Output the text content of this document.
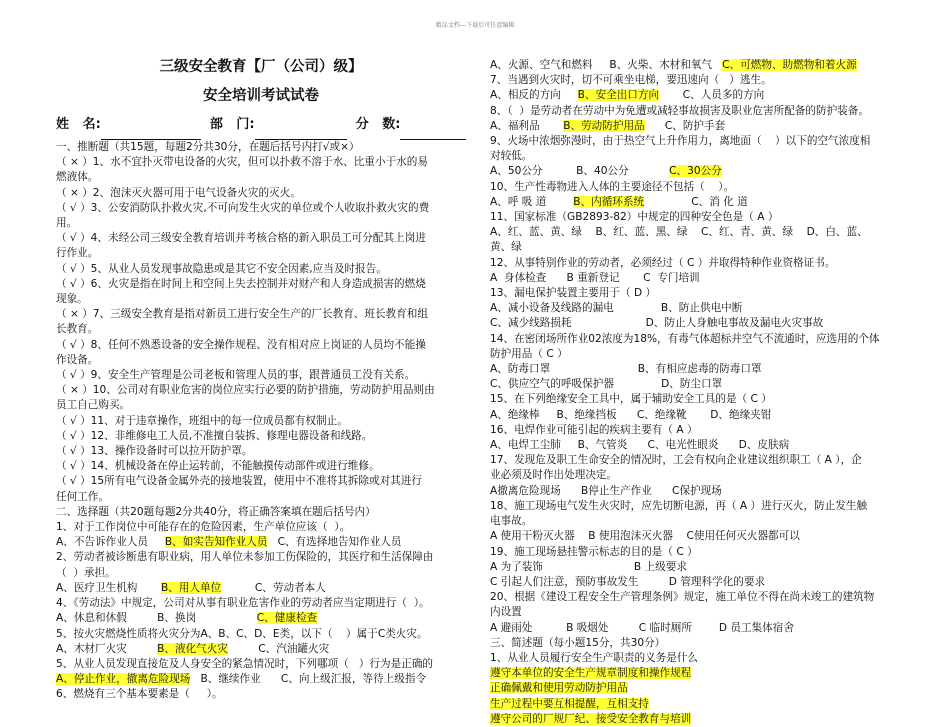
精品文档---下载后可任意编辑
三级安全教育【厂（公司）级】
安全培训考试试卷
姓   名:	部   门:	分   数:
一、推断题（共15题，每题2分共30分，在题后括号内打√或×）
（ × ）1、水不宜扑灭带电设备的火灾，但可以扑救不溶于水、比重小于水的易
燃液体。
（ × ）2、泡沫灭火器可用于电气设备火灾的灭火。
（ √ ）3、公安消防队扑救火灾,不可向发生火灾的单位或个人收取扑救火灾的费
用。
（ √ ）4、未经公司三级安全教育培训并考核合格的新入职员工可分配其上岗进
行作业。
（ √ ）5、从业人员发现事故隐患或是其它不安全因素,应当及时报告。
（ √ ）6、火灾是指在时间上和空间上失去控制并对财产和人身造成损害的燃烧
现象。
（ × ）7、三级安全教育是指对新员工进行安全生产的厂长教育、班长教育和组
长教育。
（ √ ）8、任何不熟悉设备的安全操作规程、没有相对应上岗证的人员均不能操
作设备。
（ √ ）9、安全生产管理是公司老板和管理人员的事，跟普通员工没有关系。
（ × ）10、公司对有职业危害的岗位应实行必要的防护措施，劳动防护用品则由
员工自己购买。
（ √ ）11、对于违章操作，班组中的每一位成员都有权制止。
（ √ ）12、非维修电工人员,不准擅自装拆、修理电器设备和线路。
（ √ ）13、操作设备时可以拉开防护罩。
（ √ ）14、机械设备在停止运转前，不能触摸传动部件或进行维修。
（ √ ）15所有电气设备金属外壳的接地装置，使用中不准将其拆除或对其进行
任何工作。
二、选择题（共20题每题2分共40分，将正确答案填在题后括号内）
1、对于工作岗位中可能存在的危险因素，生产单位应该（  ）。
A、不告诉作业人员     B、如实告知作业人员   C、有选择地告知作业人员
2、劳动者被诊断患有职业病，用人单位未参加工伤保险的，其医疗和生活保障由
（  ）承担。
A、医疗卫生机构       B、用人单位          C、劳动者本人
4、《劳动法》中规定，公司对从事有职业危害作业的劳动者应当定期进行（  ）。
A、休息和休假         B、换岗                  C、健康检查
5、按火灾燃烧性质将火灾分为A、B、C、D、E类，以下（    ）属于C类火灾。
A、木材厂火灾         B、液化气火灾         C、汽油罐火灾
5、从业人员发现直接危及人身安全的紧急情况时，下列哪项（   ）行为是正确的
A、停止作业，撤离危险现场   B、继续作业      C、向上级汇报，等待上级指令
6、燃烧有三个基本要素是（     ）。
A、火源、空气和燃料     B、火柴、木材和氧气   C、可燃物、助燃物和着火源
7、当遇到火灾时，切不可乘坐电梯，要迅速向（   ）逃生。
A、相反的方向     B、安全出口方向       C、人员多的方向
8、（  ）是劳动者在劳动中为免遭或减轻事故损害及职业危害所配备的防护装备。
A、福利品       B、劳动防护用品      C、防护手套
9、火场中浓烟弥漫时，由于热空气上升作用力，离地面（    ）以下的空气浓度相
对较低。
A、50公分          B、40公分            C、30公分
10、生产性毒物进入人体的主要途径不包括（    ）。
A、呼 吸 道        B、内循环系统              C、消 化 道
11、国家标准（GB2893-82）中规定的四种安全色是（ A ）
A、红、蓝、黄、绿    B、红、蓝、黑、绿    C、红、青、黄、绿    D、白、蓝、
黄、绿
12、从事特别作业的劳动者，必须经过（ C ）并取得特种作业资格证书。
A  身体检查      B 重新登记       C  专门培训
13、漏电保护装置主要用于（ D ）
A、减小设备及线路的漏电              B、防止供电中断
C、减少线路损耗                      D、防止人身触电事故及漏电火灾事故
14、在密闭场所作业02浓度为18%，有毒气体超标并空气不流通时，应选用的个体
防护用品（ C ）
A、防毒口罩                          B、有相应虑毒的防毒口罩
C、供应空气的呼吸保护器              D、防尘口罩
15、在下列绝缘安全工具中，属于辅助安全工具的是（ C ）
A、绝缘棒     B、绝缘挡板      C、绝缘靴       D、绝缘夹钳
16、电焊作业可能引起的疾病主要有（ A ）
A、电焊工尘肺     B、气管炎      C、电光性眼炎      D、皮肤病
17、发现危及职工生命安全的情况时，工会有权向企业建议组织职工（ A ），企
业必须及时作出处理决定。
A撤离危险现场      B停止生产作业      C保护现场
18、施工现场电气发生火灾时，应先切断电源，再（ A ）进行灭火，防止发生触
电事故。
A 使用干粉灭火器    B 使用泡沫灭火器    C使用任何灭火器都可以
19、施工现场悬挂警示标志的目的是（ C ）
A 为了装饰                           B 上级要求
C 引起人们注意，预防事故发生         D 管理科学化的要求
20、根据《建设工程安全生产管理条例》规定，施工单位不得在尚未竣工的建筑物
内设置
A 避雨处          B 吸烟处         C 临时厕所        D 员工集体宿舍
三、简述题（每小题15分，共30分）
1、从业人员履行安全生产职责的义务是什么
遵守本单位的安全生产规章制度和操作规程
正确佩戴和使用劳动防护用品
生产过程中要互相提醒，互相支持
遵守公司的厂规厂纪、接受安全教育与培训
